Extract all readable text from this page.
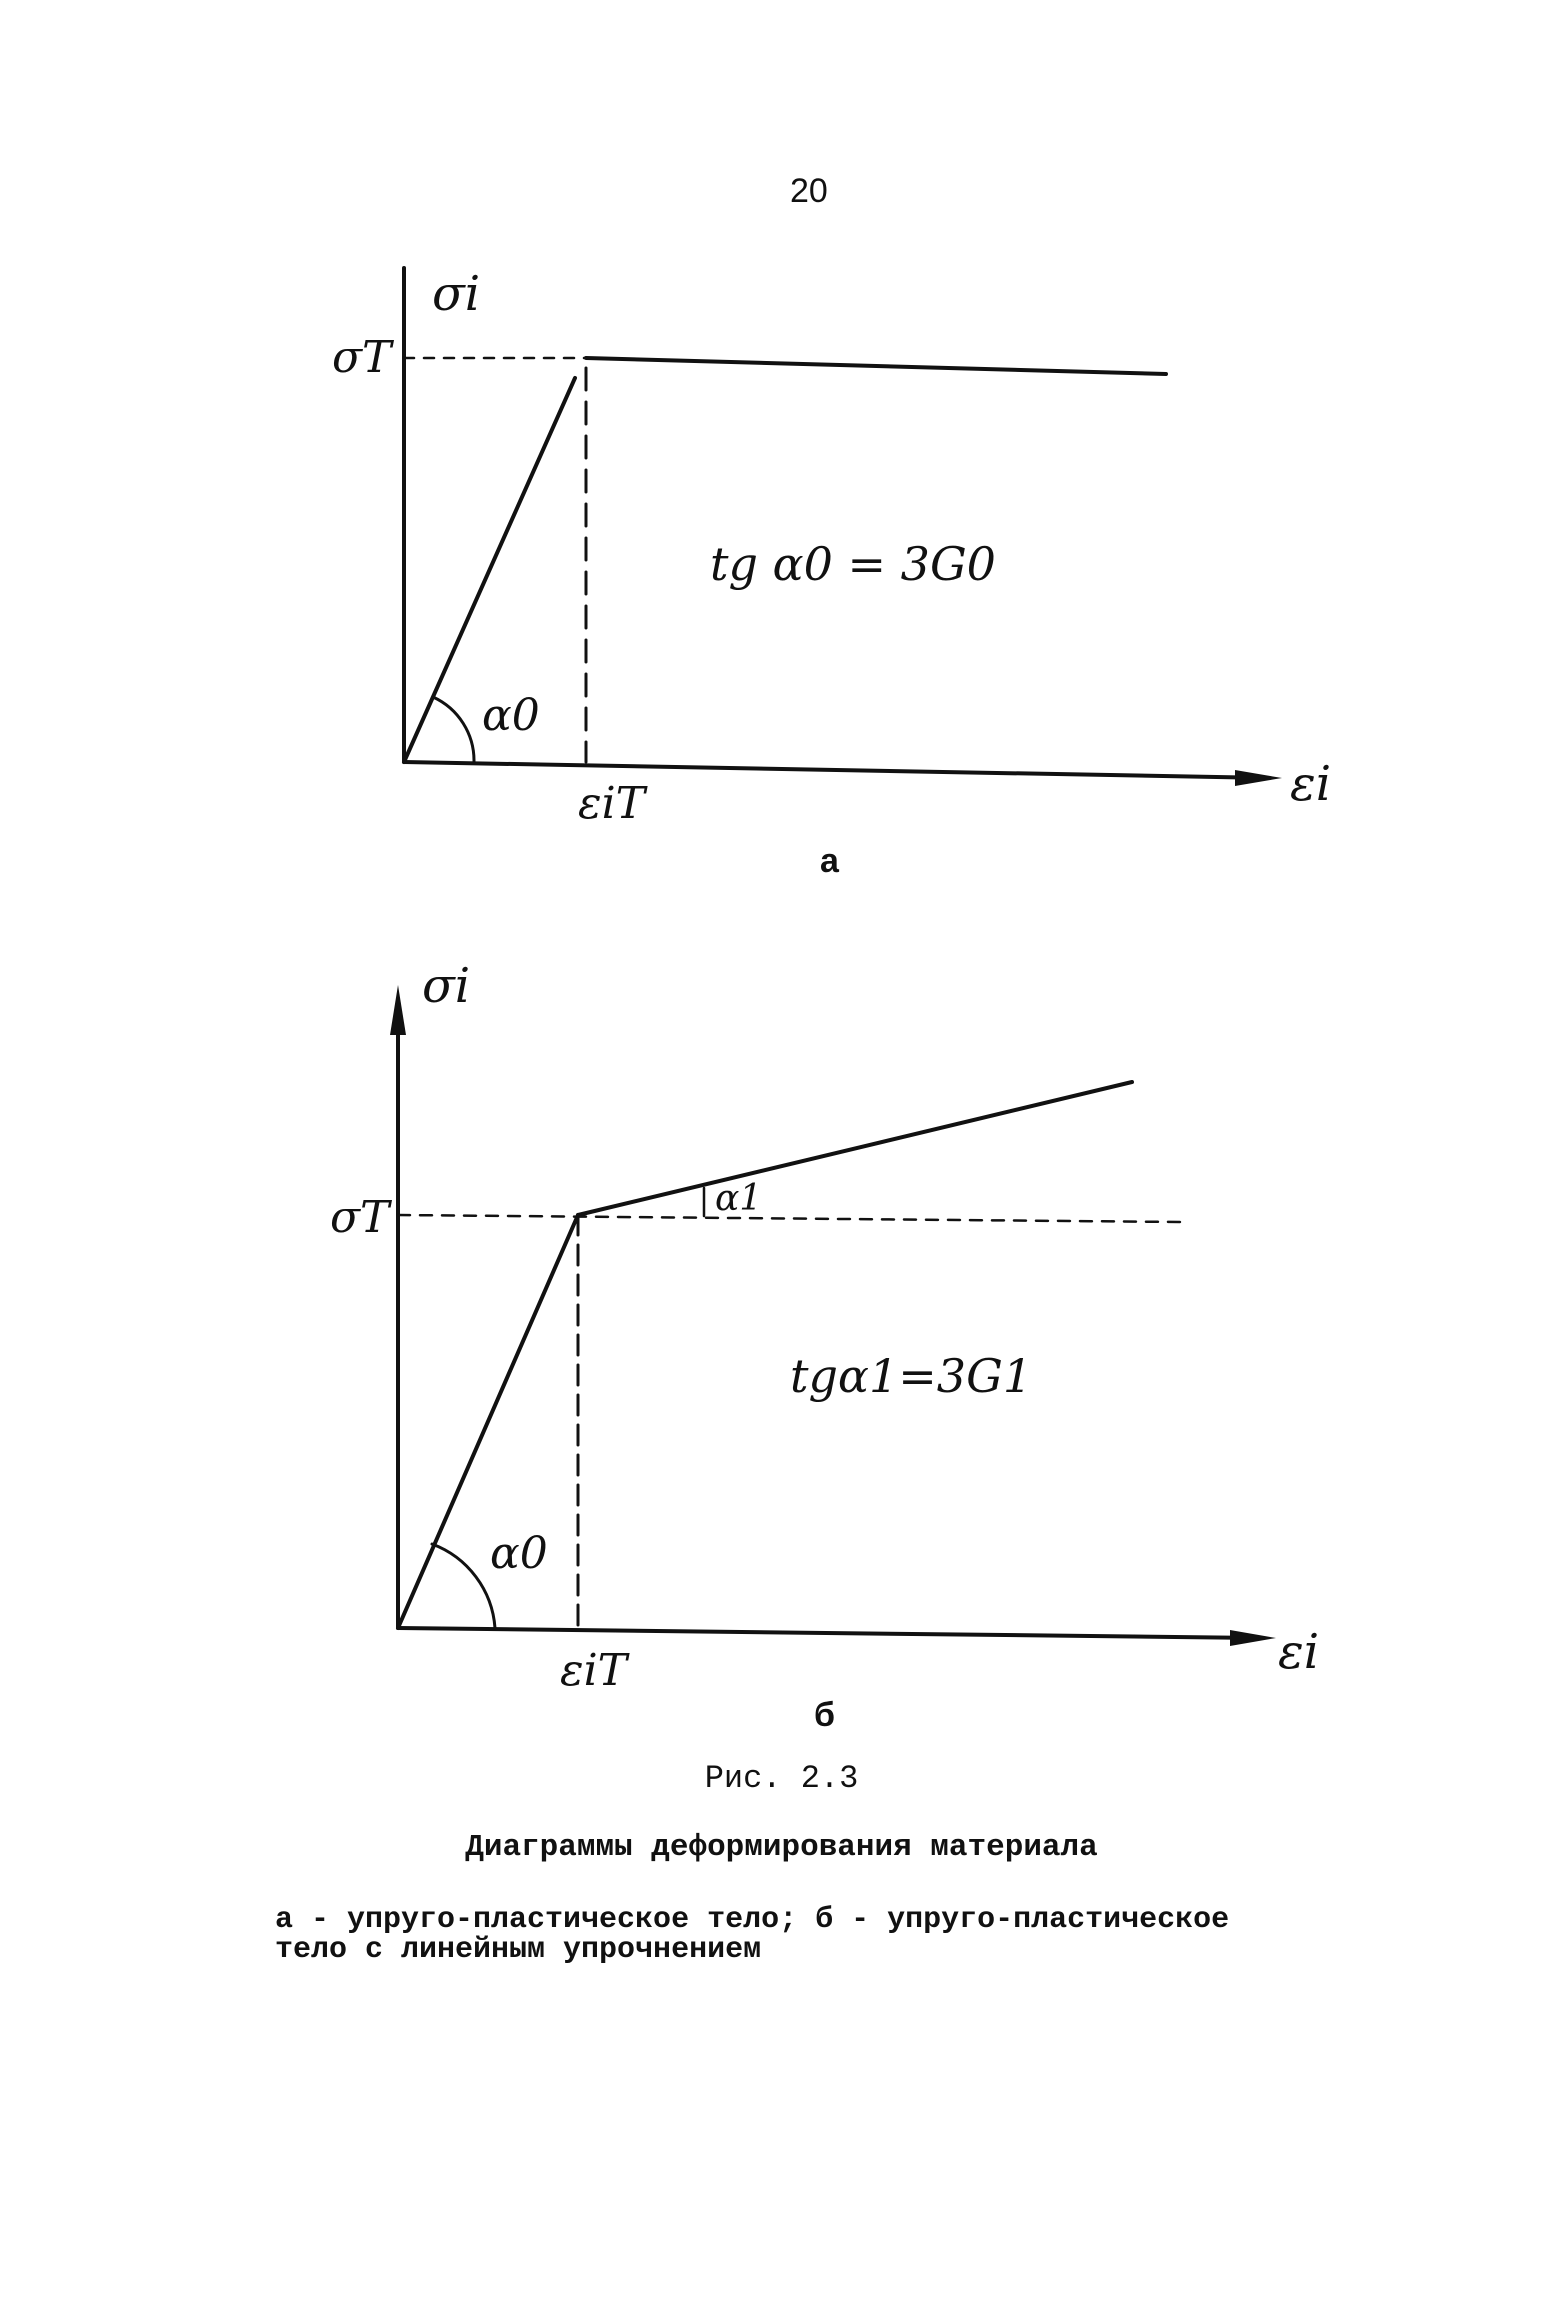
20
σi
σT
εi
εiT
α0
tg α0 = 3G0
а
σi
σT
εi
εiT
α0
α1
tgα1=3G1
б
Рис. 2.3
Диаграммы деформирования материала
а - упруго-пластическое тело; б - упруго-пластическое
тело с линейным упрочнением
